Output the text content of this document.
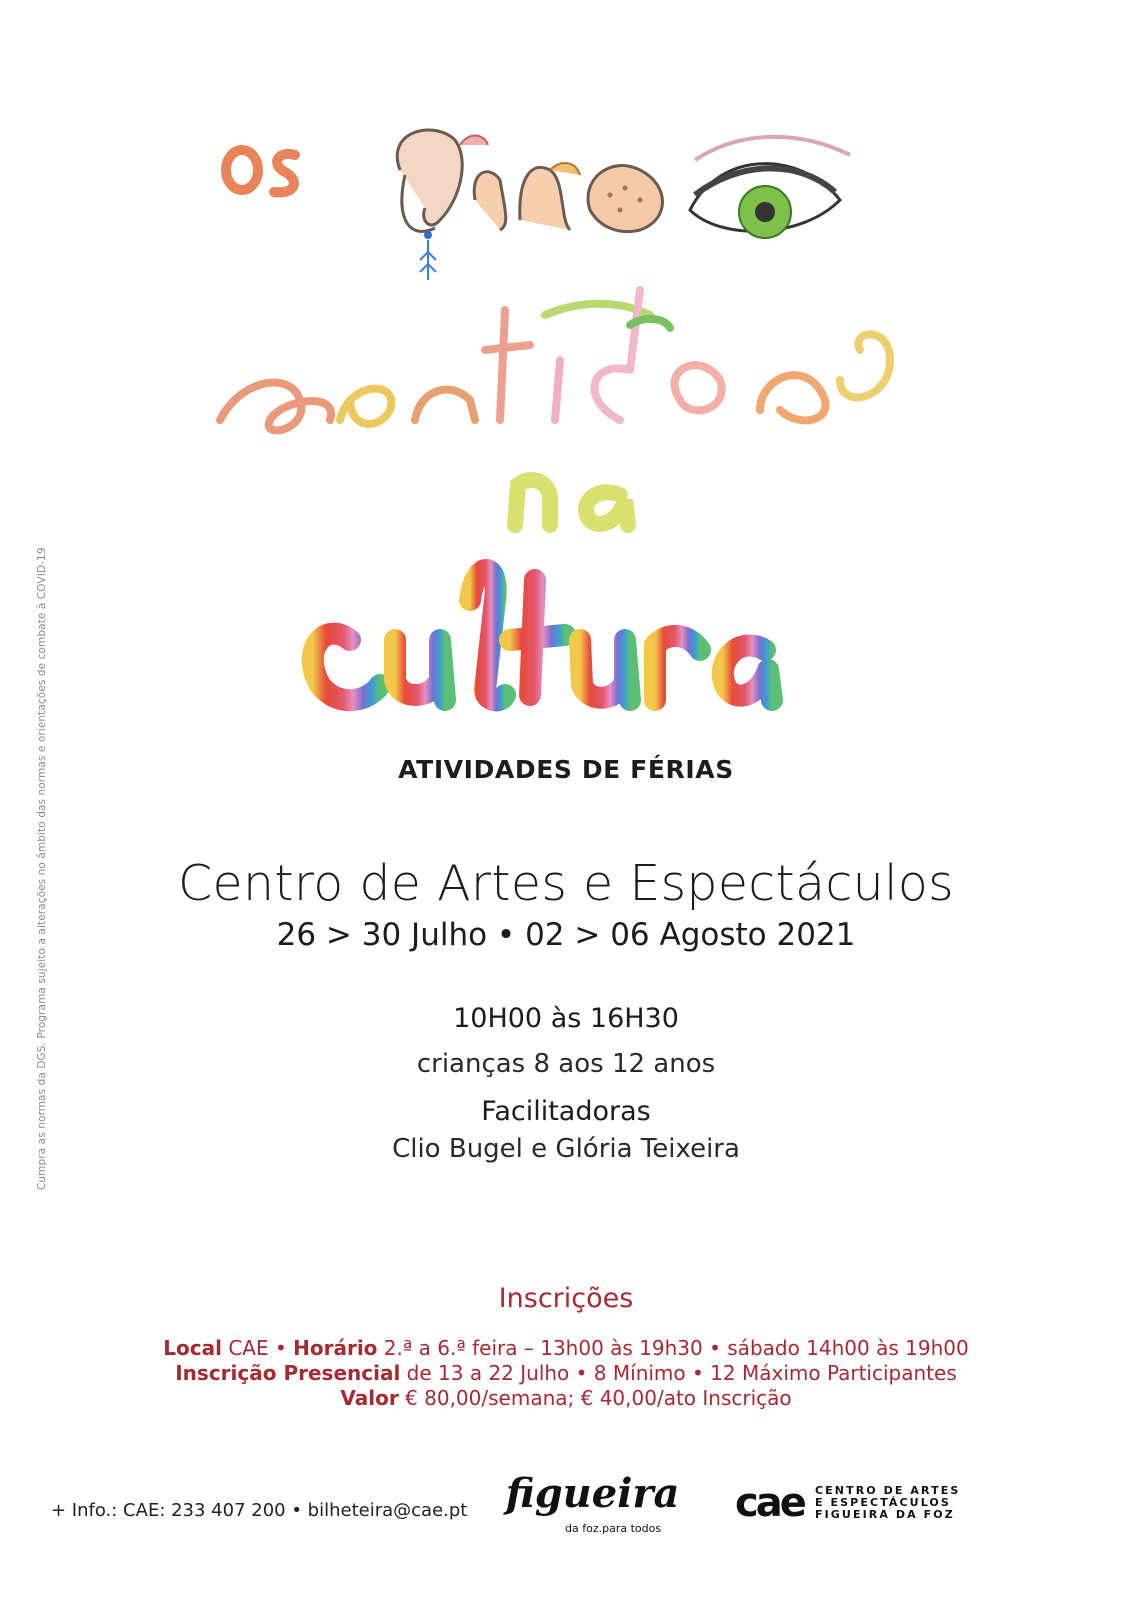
Cumpra as normas da DGS. Programa sujeito a alterações no âmbito das normas e orientações de combate à COVID-19	ATIVIDADES DE FÉRIAS
Centro de Artes e Espectáculos
26 > 30 Julho • 02 > 06 Agosto 2021
10H00 às 16H30
crianças 8 aos 12 anos
Facilitadoras
Clio Bugel e Glória Teixeira
Inscrições
Local CAE • Horário 2.ª a 6.ª feira – 13h00 às 19h30 • sábado 14h00 às 19h00
Inscrição Presencial de 13 a 22 Julho • 8 Mínimo • 12 Máximo Participantes
Valor € 80,00/semana; € 40,00/ato Inscrição
+ Info.: CAE: 233 407 200 • bilheteira@cae.pt figueira
da foz.para todos
cae CENTRO DE ARTES
E ESPECTÁCULOS
FIGUEIRA DA FOZ
